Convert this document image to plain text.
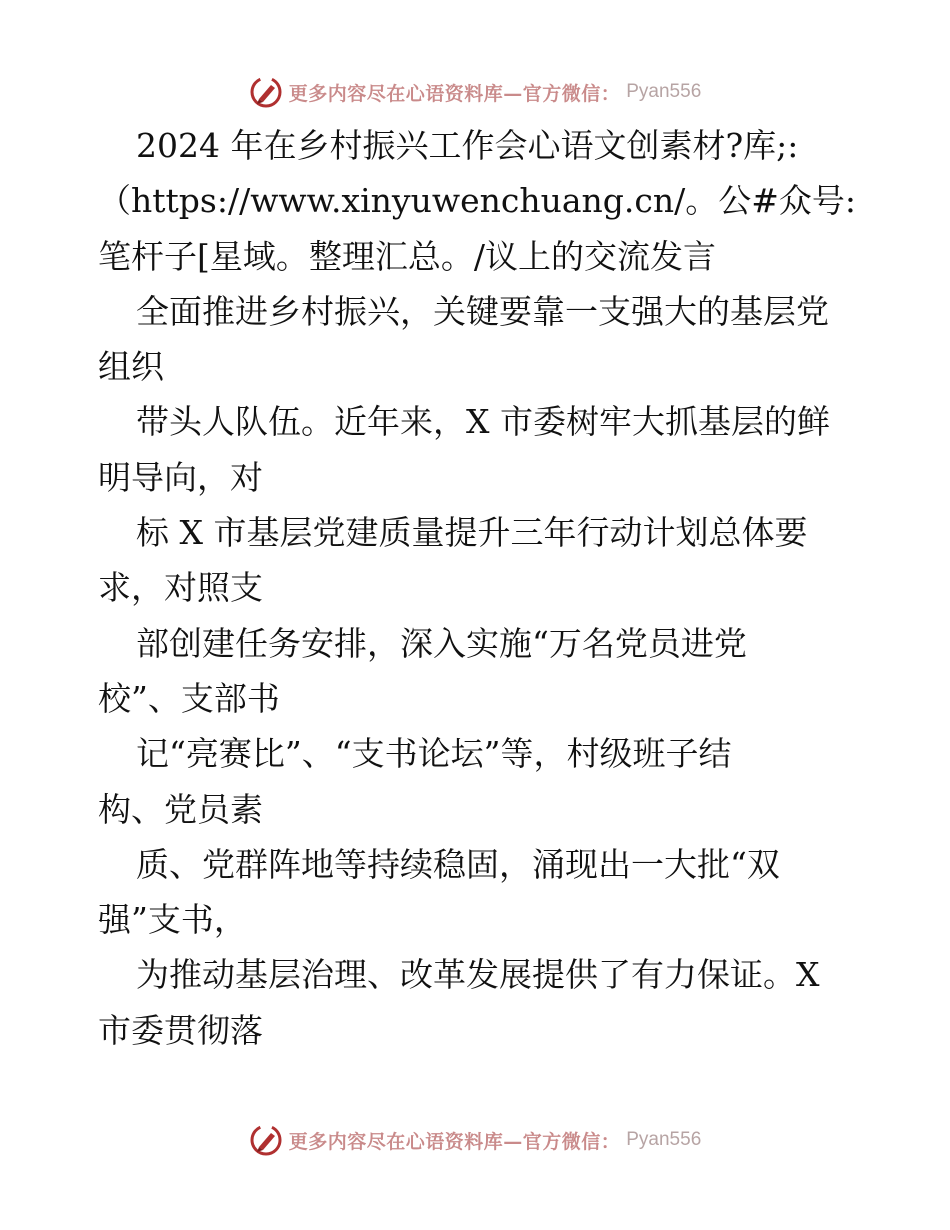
更多内容尽在心语资料库—官方微信： Pyan556
2024 年在乡村振兴工作会心语文创素材?库;:
（https://www.xinyuwenchuang.cn/。公#众号:
笔杆子[星域。整理汇总。/议上的交流发言
全面推进乡村振兴，关键要靠一支强大的基层党
组织
带头人队伍。近年来，X 市委树牢大抓基层的鲜
明导向，对
标 X 市基层党建质量提升三年行动计划总体要
求，对照支
部创建任务安排，深入实施“万名党员进党
校”、支部书
记“亮赛比”、“支书论坛”等，村级班子结
构、党员素
质、党群阵地等持续稳固，涌现出一大批“双
强”支书，
为推动基层治理、改革发展提供了有力保证。X
市委贯彻落
更多内容尽在心语资料库—官方微信： Pyan556
